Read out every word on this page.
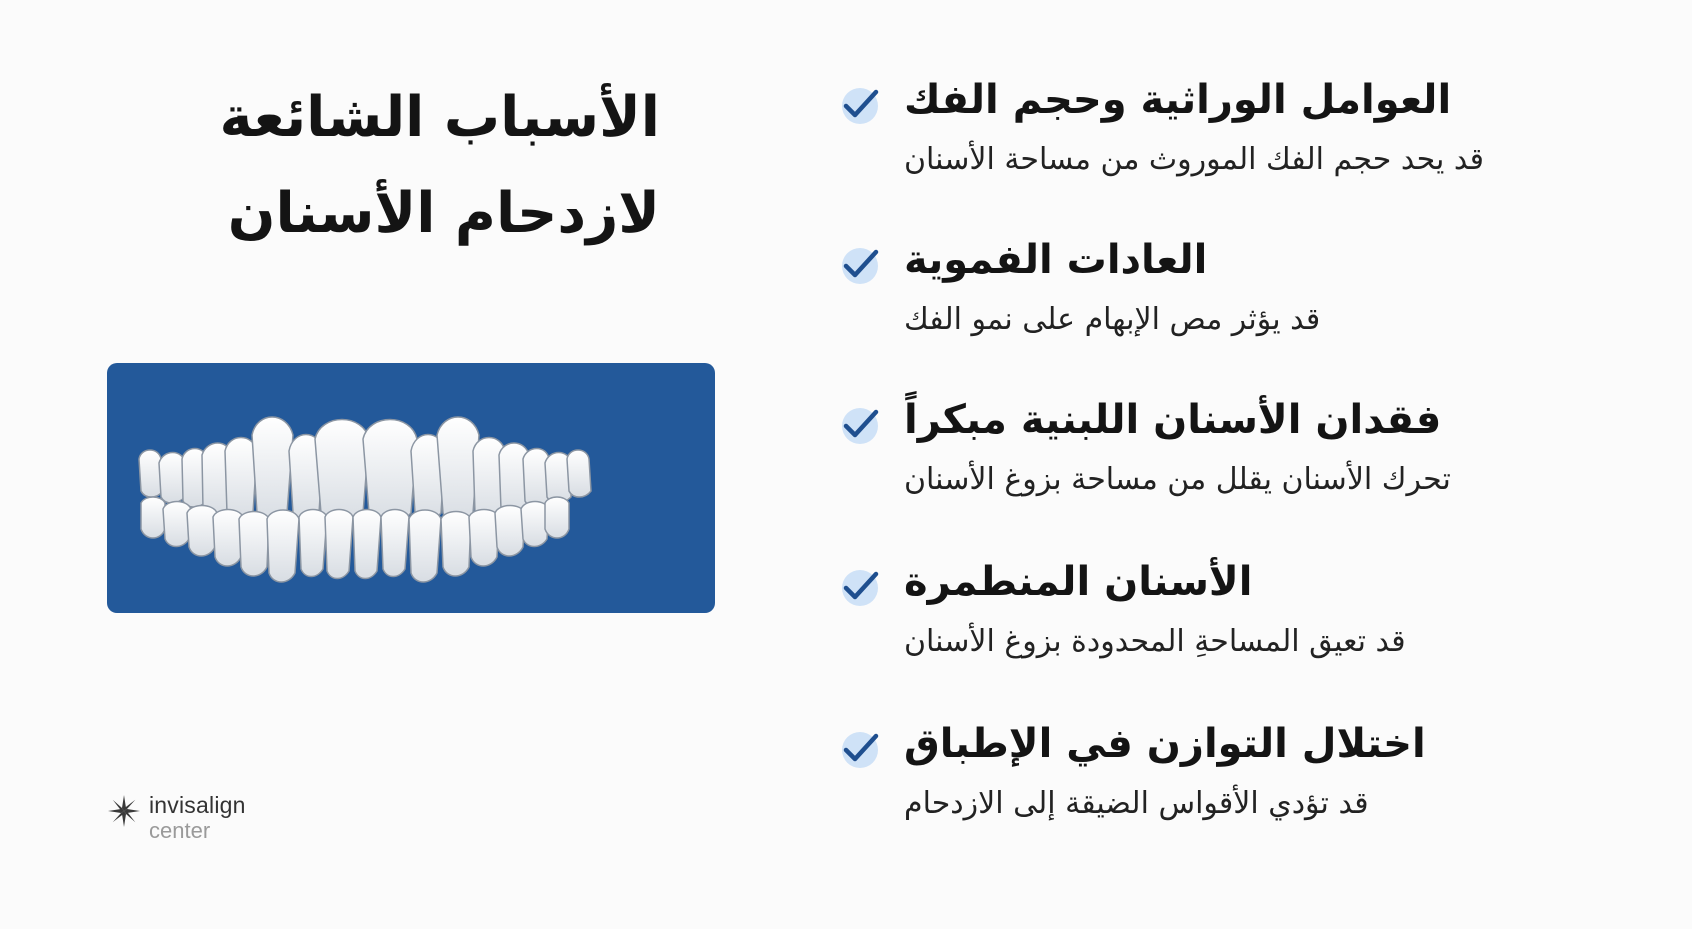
الأسباب الشائعة
لازدحام الأسنان
invisalign
center
العوامل الوراثية وحجم الفك
قد يحد حجم الفك الموروث من مساحة الأسنان
العادات الفموية
قد يؤثر مص الإبهام على نمو الفك
فقدان الأسنان اللبنية مبكراً
تحرك الأسنان يقلل من مساحة بزوغ الأسنان
الأسنان المنطمرة
قد تعيق المساحةِ المحدودة بزوغ الأسنان
اختلال التوازن في الإطباق
قد تؤدي الأقواس الضيقة إلى الازدحام
